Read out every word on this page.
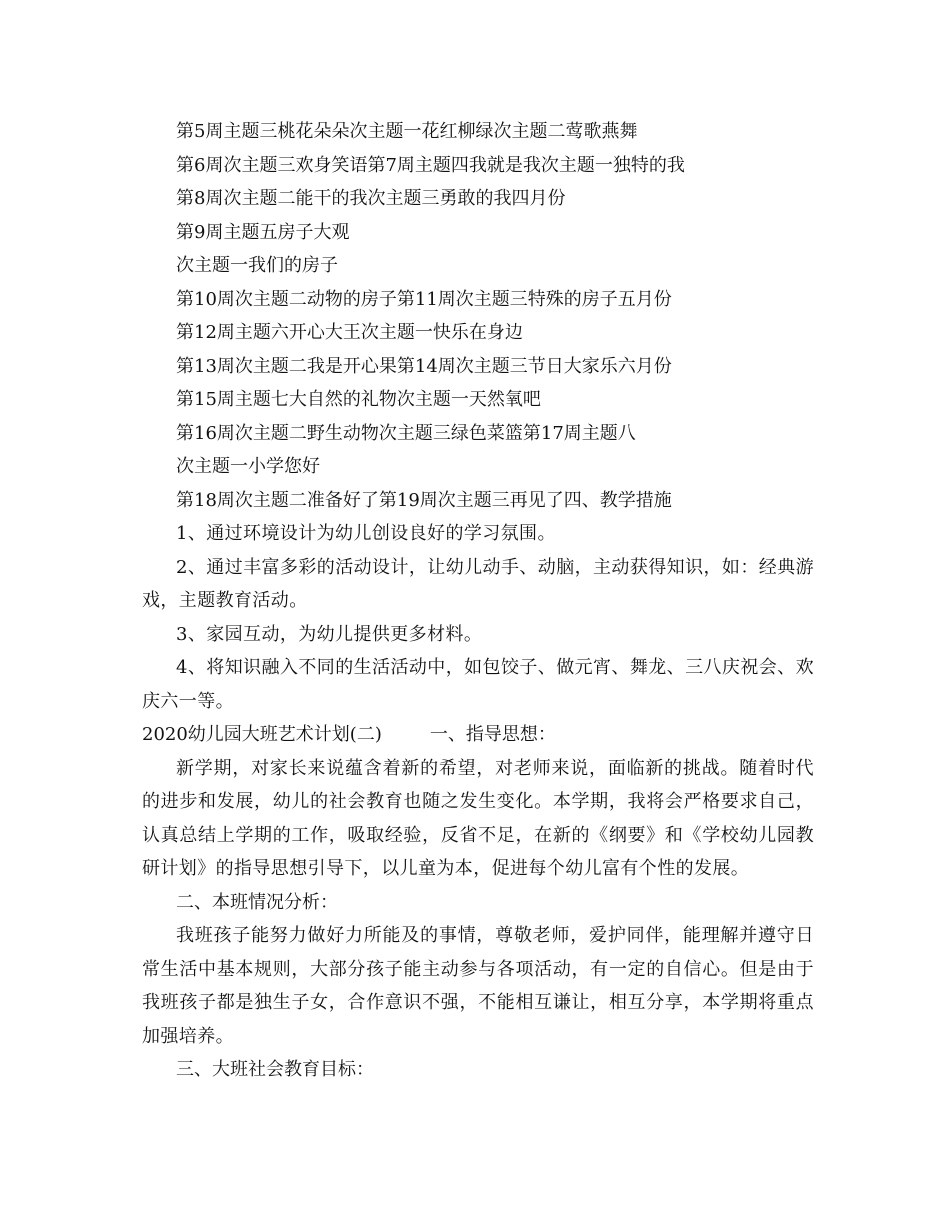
第5周主题三桃花朵朵次主题一花红柳绿次主题二莺歌燕舞
第6周次主题三欢身笑语第7周主题四我就是我次主题一独特的我
第8周次主题二能干的我次主题三勇敢的我四月份
第9周主题五房子大观
次主题一我们的房子
第10周次主题二动物的房子第11周次主题三特殊的房子五月份
第12周主题六开心大王次主题一快乐在身边
第13周次主题二我是开心果第14周次主题三节日大家乐六月份
第15周主题七大自然的礼物次主题一天然氧吧
第16周次主题二野生动物次主题三绿色菜篮第17周主题八
次主题一小学您好
第18周次主题二准备好了第19周次主题三再见了四、教学措施

1、通过环境设计为幼儿创设良好的学习氛围。

2、通过丰富多彩的活动设计，让幼儿动手、动脑，主动获得知识，如：经典游戏，主题教育活动。

3、家园互动，为幼儿提供更多材料。

4、将知识融入不同的生活活动中，如包饺子、做元宵、舞龙、三八庆祝会、欢庆六一等。

2020幼儿园大班艺术计划(二)	一、指导思想：

新学期，对家长来说蕴含着新的希望，对老师来说，面临新的挑战。随着时代的进步和发展，幼儿的社会教育也随之发生变化。本学期，我将会严格要求自己，认真总结上学期的工作，吸取经验，反省不足，在新的《纲要》和《学校幼儿园教研计划》的指导思想引导下，以儿童为本，促进每个幼儿富有个性的发展。

二、本班情况分析：

我班孩子能努力做好力所能及的事情，尊敬老师，爱护同伴，能理解并遵守日常生活中基本规则，大部分孩子能主动参与各项活动，有一定的自信心。但是由于我班孩子都是独生子女，合作意识不强，不能相互谦让，相互分享，本学期将重点加强培养。

三、大班社会教育目标：
